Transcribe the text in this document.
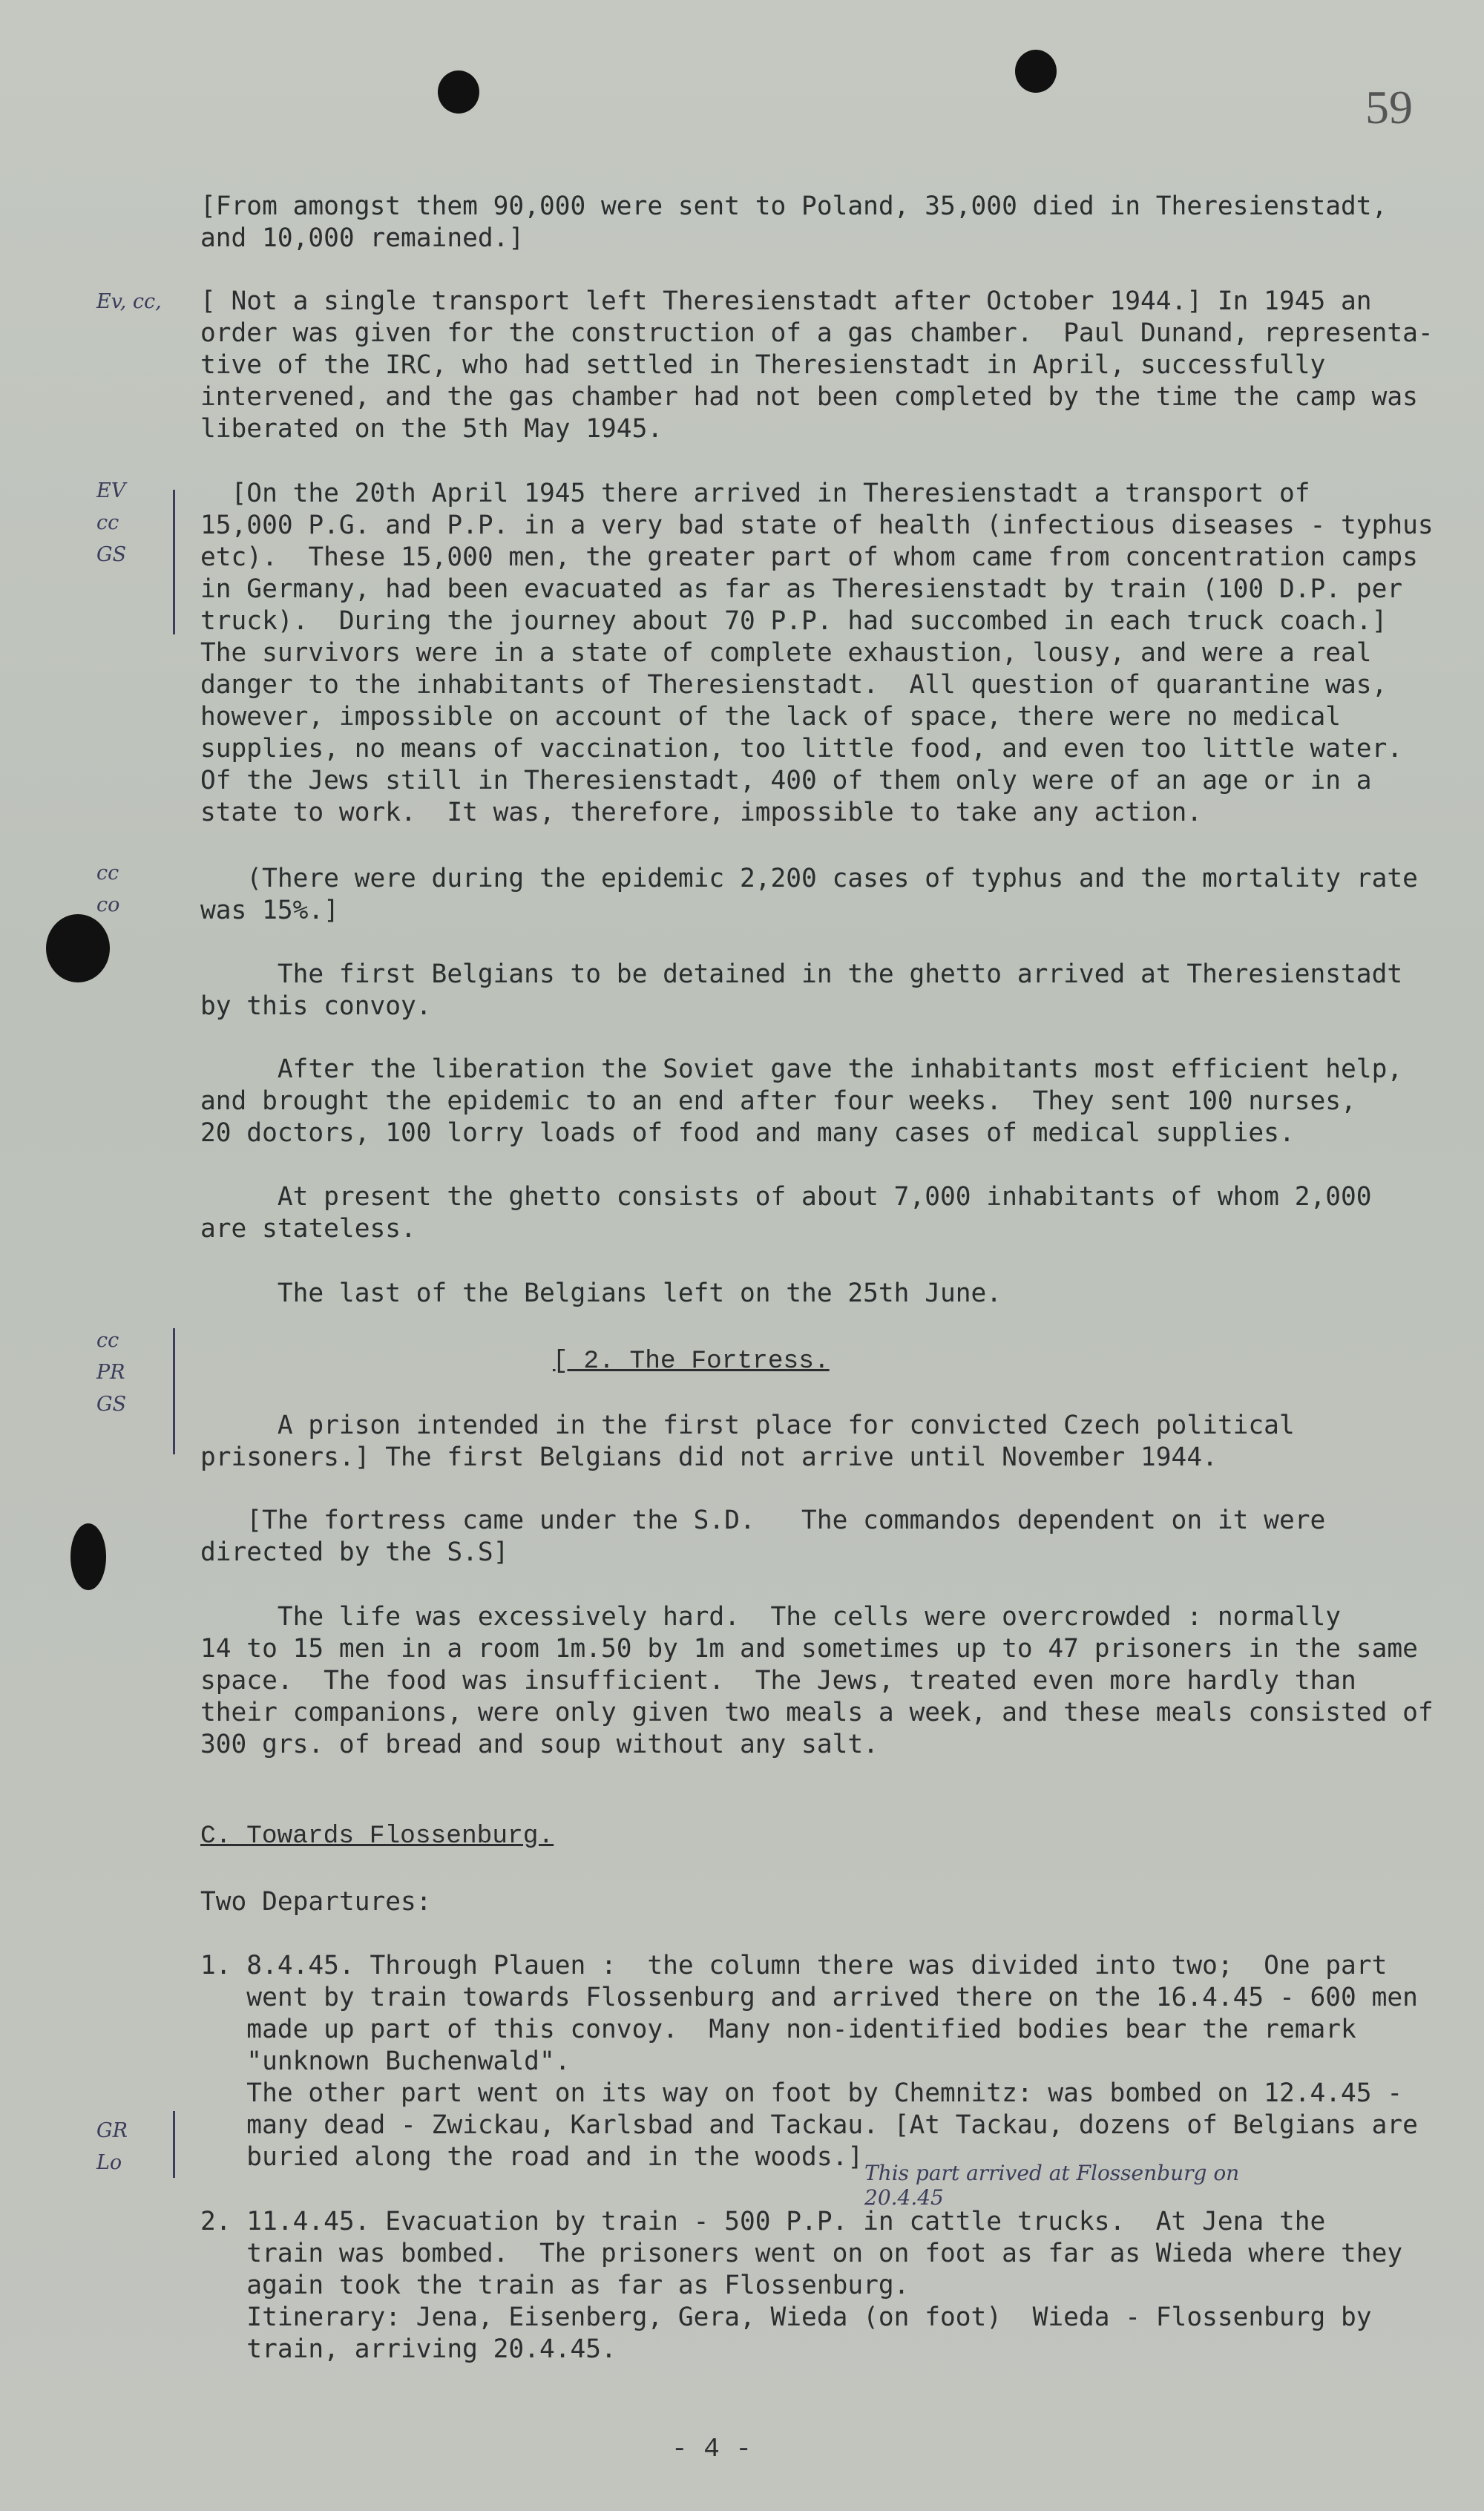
59
Ev, cc,
EV
cc
GS
cc
co
cc
PR
GS
GR
Lo
[From amongst them 90,000 were sent to Poland, 35,000 died in Theresienstadt,
and 10,000 remained.]
[ Not a single transport left Theresienstadt after October 1944.] In 1945 an
order was given for the construction of a gas chamber.  Paul Dunand, representa-
tive of the IRC, who had settled in Theresienstadt in April, successfully
intervened, and the gas chamber had not been completed by the time the camp was
liberated on the 5th May 1945.
[On the 20th April 1945 there arrived in Theresienstadt a transport of
15,000 P.G. and P.P. in a very bad state of health (infectious diseases - typhus
etc).  These 15,000 men, the greater part of whom came from concentration camps
in Germany, had been evacuated as far as Theresienstadt by train (100 D.P. per
truck).  During the journey about 70 P.P. had succombed in each truck coach.]
The survivors were in a state of complete exhaustion, lousy, and were a real
danger to the inhabitants of Theresienstadt.  All question of quarantine was,
however, impossible on account of the lack of space, there were no medical
supplies, no means of vaccination, too little food, and even too little water.
Of the Jews still in Theresienstadt, 400 of them only were of an age or in a
state to work.  It was, therefore, impossible to take any action.
(There were during the epidemic 2,200 cases of typhus and the mortality rate
was 15%.]
The first Belgians to be detained in the ghetto arrived at Theresienstadt
by this convoy.
After the liberation the Soviet gave the inhabitants most efficient help,
and brought the epidemic to an end after four weeks.  They sent 100 nurses,
20 doctors, 100 lorry loads of food and many cases of medical supplies.
At present the ghetto consists of about 7,000 inhabitants of whom 2,000
are stateless.
The last of the Belgians left on the 25th June.
[ 2. The Fortress.
A prison intended in the first place for convicted Czech political
prisoners.] The first Belgians did not arrive until November 1944.
[The fortress came under the S.D.   The commandos dependent on it were
directed by the S.S]
The life was excessively hard.  The cells were overcrowded : normally
14 to 15 men in a room 1m.50 by 1m and sometimes up to 47 prisoners in the same
space.  The food was insufficient.  The Jews, treated even more hardly than
their companions, were only given two meals a week, and these meals consisted of
300 grs. of bread and soup without any salt.
C. Towards Flossenburg.
Two Departures:
1. 8.4.45. Through Plauen :  the column there was divided into two;  One part
went by train towards Flossenburg and arrived there on the 16.4.45 - 600 men
made up part of this convoy.  Many non-identified bodies bear the remark
"unknown Buchenwald".
The other part went on its way on foot by Chemnitz: was bombed on 12.4.45 -
many dead - Zwickau, Karlsbad and Tackau. [At Tackau, dozens of Belgians are
buried along the road and in the woods.]
This part arrived at Flossenburg on
20.4.45
2. 11.4.45. Evacuation by train - 500 P.P. in cattle trucks.  At Jena the
train was bombed.  The prisoners went on on foot as far as Wieda where they
again took the train as far as Flossenburg.
Itinerary: Jena, Eisenberg, Gera, Wieda (on foot)  Wieda - Flossenburg by
train, arriving 20.4.45.
- 4 -
